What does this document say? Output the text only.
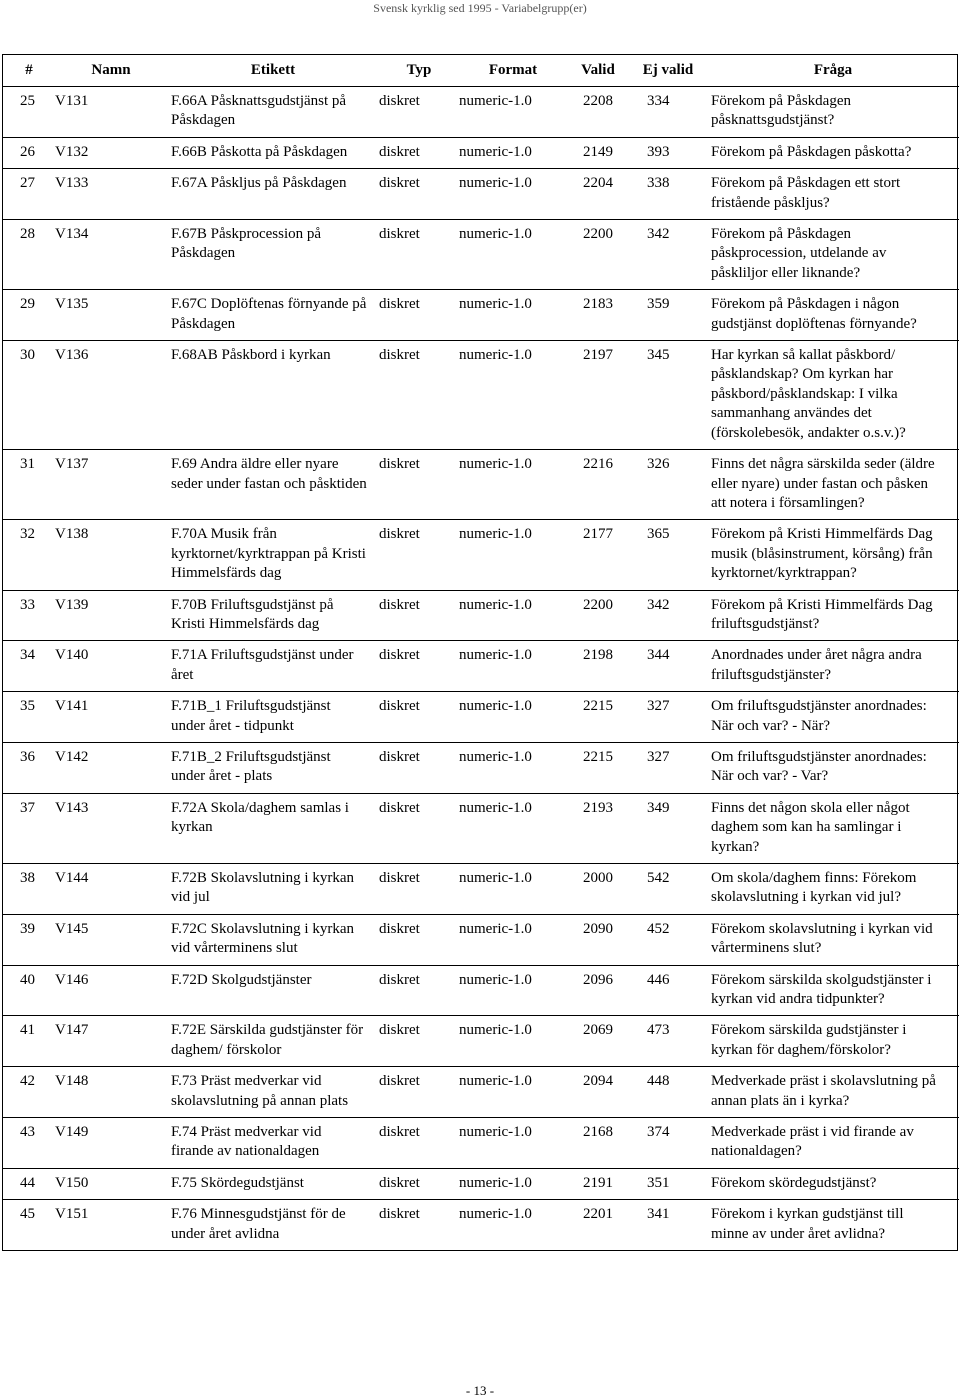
Svensk kyrklig sed 1995 - Variabelgrupp(er)
#	Namn	Etikett	Typ	Format	Valid	Ej valid	Fråga
25	V131	F.66A Påsknattsgudstjänst på Påskdagen	diskret	numeric-1.0	2208	334	Förekom på Påskdagen påsknattsgudstjänst?
26	V132	F.66B Påskotta på Påskdagen	diskret	numeric-1.0	2149	393	Förekom på Påskdagen påskotta?
27	V133	F.67A Påskljus på Påskdagen	diskret	numeric-1.0	2204	338	Förekom på Påskdagen ett stort fristående påskljus?
28	V134	F.67B Påskprocession på Påskdagen	diskret	numeric-1.0	2200	342	Förekom på Påskdagen påskprocession, utdelande av påskliljor eller liknande?
29	V135	F.67C Doplöftenas förnyande på Påskdagen	diskret	numeric-1.0	2183	359	Förekom på Påskdagen i någon gudstjänst doplöftenas förnyande?
30	V136	F.68AB Påskbord i kyrkan	diskret	numeric-1.0	2197	345	Har kyrkan så kallat påskbord/ påsklandskap? Om kyrkan har påskbord/påsklandskap: I vilka sammanhang användes det (förskolebesök, andakter o.s.v.)?
31	V137	F.69 Andra äldre eller nyare seder under fastan och påsktiden	diskret	numeric-1.0	2216	326	Finns det några särskilda seder (äldre eller nyare) under fastan och påsken att notera i församlingen?
32	V138	F.70A Musik från kyrktornet/kyrktrappan på Kristi Himmelsfärds dag	diskret	numeric-1.0	2177	365	Förekom på Kristi Himmelfärds Dag musik (blåsinstrument, körsång) från kyrktornet/kyrktrappan?
33	V139	F.70B Friluftsgudstjänst på Kristi Himmelsfärds dag	diskret	numeric-1.0	2200	342	Förekom på Kristi Himmelfärds Dag friluftsgudstjänst?
34	V140	F.71A Friluftsgudstjänst under året	diskret	numeric-1.0	2198	344	Anordnades under året några andra friluftsgudstjänster?
35	V141	F.71B_1 Friluftsgudstjänst under året - tidpunkt	diskret	numeric-1.0	2215	327	Om friluftsgudstjänster anordnades: När och var? - När?
36	V142	F.71B_2 Friluftsgudstjänst under året - plats	diskret	numeric-1.0	2215	327	Om friluftsgudstjänster anordnades: När och var? - Var?
37	V143	F.72A Skola/daghem samlas i kyrkan	diskret	numeric-1.0	2193	349	Finns det någon skola eller något daghem som kan ha samlingar i kyrkan?
38	V144	F.72B Skolavslutning i kyrkan vid jul	diskret	numeric-1.0	2000	542	Om skola/daghem finns: Förekom skolavslutning i kyrkan vid jul?
39	V145	F.72C Skolavslutning i kyrkan vid vårterminens slut	diskret	numeric-1.0	2090	452	Förekom skolavslutning i kyrkan vid vårterminens slut?
40	V146	F.72D Skolgudstjänster	diskret	numeric-1.0	2096	446	Förekom särskilda skolgudstjänster i kyrkan vid andra tidpunkter?
41	V147	F.72E Särskilda gudstjänster för daghem/ förskolor	diskret	numeric-1.0	2069	473	Förekom särskilda gudstjänster i kyrkan för daghem/förskolor?
42	V148	F.73 Präst medverkar vid skolavslutning på annan plats	diskret	numeric-1.0	2094	448	Medverkade präst i skolavslutning på annan plats än i kyrka?
43	V149	F.74 Präst medverkar vid firande av nationaldagen	diskret	numeric-1.0	2168	374	Medverkade präst i vid firande av nationaldagen?
44	V150	F.75 Skördegudstjänst	diskret	numeric-1.0	2191	351	Förekom skördegudstjänst?
45	V151	F.76 Minnesgudstjänst för de under året avlidna	diskret	numeric-1.0	2201	341	Förekom i kyrkan gudstjänst till minne av under året avlidna?
- 13 -
